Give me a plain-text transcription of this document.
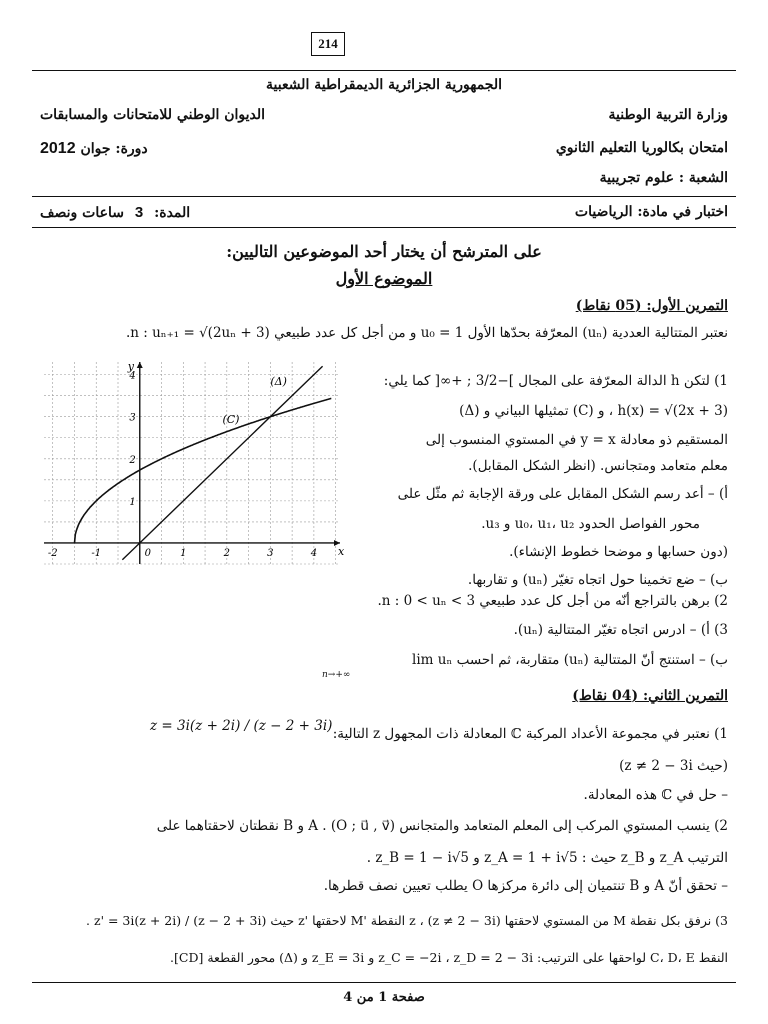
214
الجمهورية الجزائرية الديمقراطية الشعبية
وزارة التربية الوطنية
الديوان الوطني للامتحانات والمسابقات
امتحان بكالوريا التعليم الثانوي
دورة: جوان 2012
الشعبة : علوم تجريبية
اختبار في مادة: الرياضيات
المدة: 3 ساعات ونصف
على المترشح أن يختار أحد الموضوعين التاليين:
الموضوع الأول
التمرين الأول: (05 نقاط)
نعتبر المتتالية العددية (uₙ) المعرّفة بحدّها الأول u₀ = 1 و من أجل كل عدد طبيعي n : uₙ₊₁ = √(2uₙ + 3).
1) لتكن h الدالة المعرّفة على المجال ]−3/2 ; +∞[ كما يلي:
h(x) = √(2x + 3) ، و (C) تمثيلها البياني و (Δ)
المستقيم ذو معادلة y = x في المستوي المنسوب إلى
معلم متعامد ومتجانس. (انظر الشكل المقابل).
أ) – أعد رسم الشكل المقابل على ورقة الإجابة ثم مثّل على
محور الفواصل الحدود u₀، u₁، u₂ و u₃.
(دون حسابها و موضحا خطوط الإنشاء).
ب) – ضع تخمينا حول اتجاه تغيّر (uₙ) و تقاربها.
-2	-1	0	1	2	3	4
1
2
3
4
x
y
(C)
(Δ)
2) برهن بالتراجع أنّه من أجل كل عدد طبيعي n : 0 < uₙ < 3.
3) أ) – ادرس اتجاه تغيّر المتتالية (uₙ).
ب) – استنتج أنّ المتتالية (uₙ) متقاربة، ثم احسب lim uₙ
n→+∞
التمرين الثاني: (04 نقاط)
1) نعتبر في مجموعة الأعداد المركبة ℂ المعادلة ذات المجهول z التالية:
z = 3i(z + 2i) / (z − 2 + 3i)
(حيث z ≠ 2 − 3i)
– حل في ℂ هذه المعادلة.
2) ينسب المستوي المركب إلى المعلم المتعامد والمتجانس (O ; u⃗ , v⃗) . A و B نقطتان لاحقتاهما على
الترتيب z_A و z_B حيث : z_A = 1 + i√5 و z_B = 1 − i√5 .
– تحقق أنّ A و B تنتميان إلى دائرة مركزها O يطلب تعيين نصف قطرها.
3) نرفق بكل نقطة M من المستوي لاحقتها z ، (z ≠ 2 − 3i) النقطة 'M لاحقتها 'z حيث z' = 3i(z + 2i) / (z − 2 + 3i) .
النقط C، D، E لواحقها على الترتيب: z_C = −2i ، z_D = 2 − 3i و z_E = 3i و (Δ) محور القطعة [CD].
صفحة 1 من 4
